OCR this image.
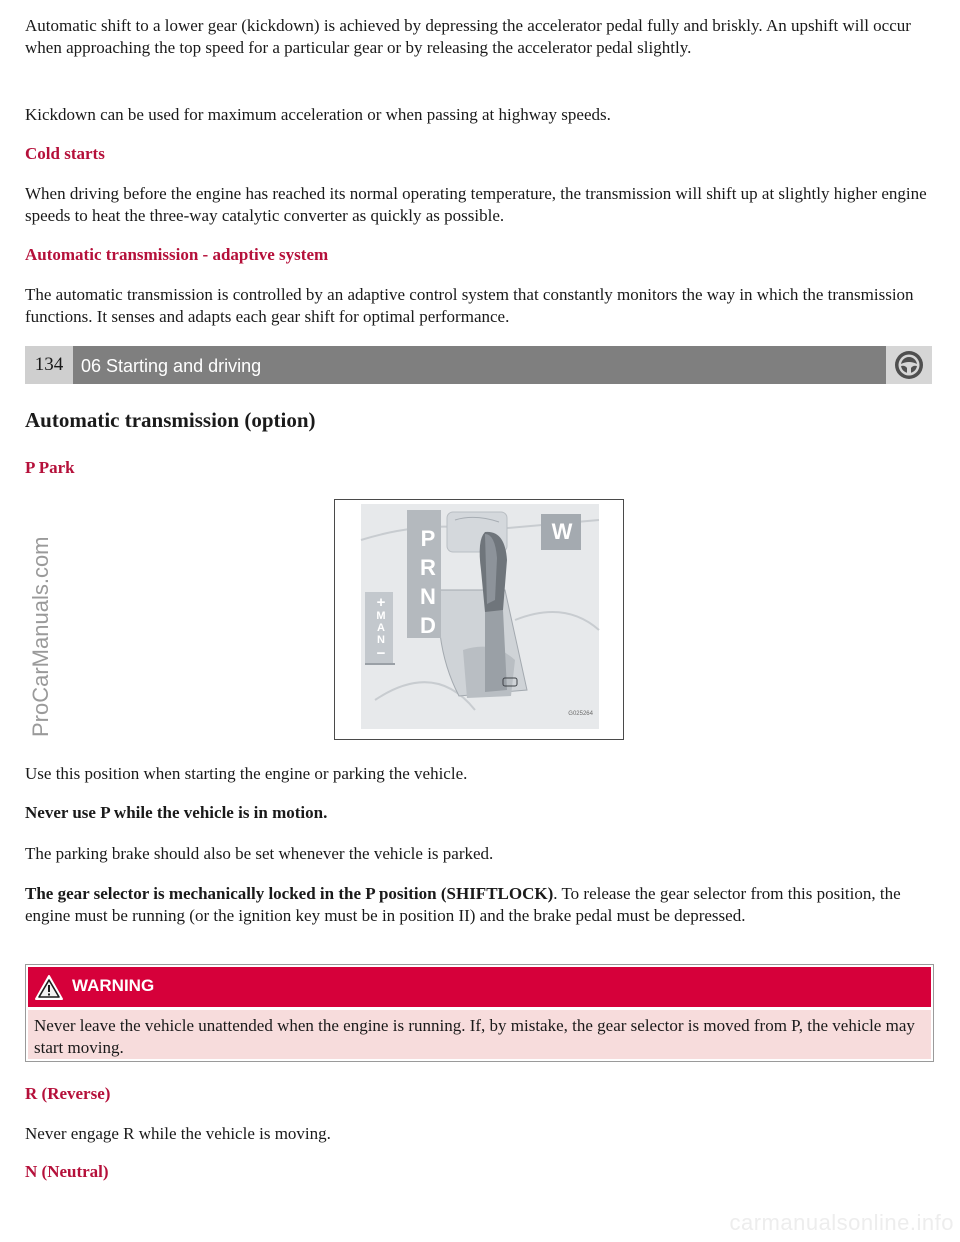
Automatic shift to a lower gear (kickdown) is achieved by depressing the accelerator pedal fully and briskly. An upshift will occur when approaching the top speed for a particular gear or by releasing the accelerator pedal slightly.

Kickdown can be used for maximum acceleration or when passing at highway speeds.

Cold starts

When driving before the engine has reached its normal operating temperature, the transmission will shift up at slightly higher engine speeds to heat the three-way catalytic converter as quickly as possible.

Automatic transmission - adaptive system

The automatic transmission is controlled by an adaptive control system that constantly monitors the way in which the transmission functions. It senses and adapts each gear shift for optimal performance.

134 06 Starting and driving
Automatic transmission (option)

P Park

P
R
N
D
W
+
M
A
N
−
G025264
ProCarManuals.com

Use this position when starting the engine or parking the vehicle.

Never use P while the vehicle is in motion.

The parking brake should also be set whenever the vehicle is parked.

The gear selector is mechanically locked in the P position (SHIFTLOCK). To release the gear selector from this position, the engine must be running (or the ignition key must be in position II) and the brake pedal must be depressed.

WARNING
Never leave the vehicle unattended when the engine is running. If, by mistake, the gear selector is moved from P, the vehicle may start moving.

R (Reverse)

Never engage R while the vehicle is moving.

N (Neutral)

carmanualsonline.info
